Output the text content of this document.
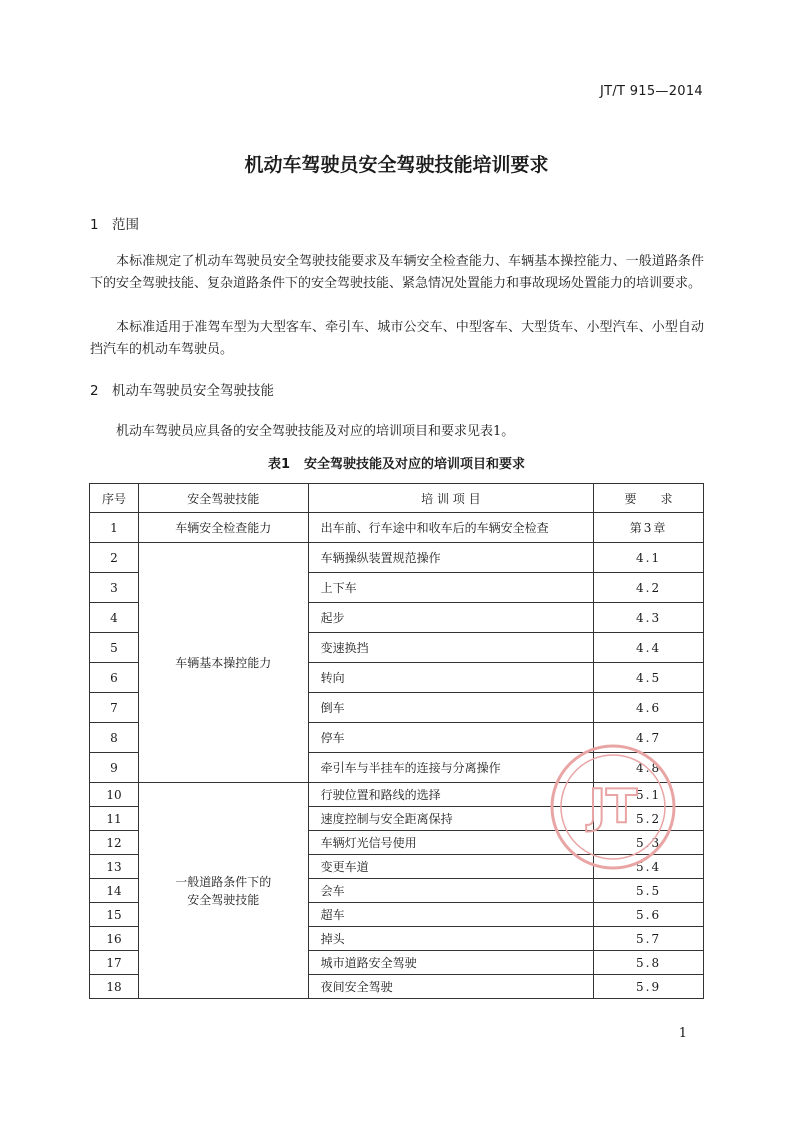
JT/T 915—2014
机动车驾驶员安全驾驶技能培训要求
1 范围

本标准规定了机动车驾驶员安全驾驶技能要求及车辆安全检查能力、车辆基本操控能力、一般道路条件下的安全驾驶技能、复杂道路条件下的安全驾驶技能、紧急情况处置能力和事故现场处置能力的培训要求。

本标准适用于准驾车型为大型客车、牵引车、城市公交车、中型客车、大型货车、小型汽车、小型自动挡汽车的机动车驾驶员。

2 机动车驾驶员安全驾驶技能

机动车驾驶员应具备的安全驾驶技能及对应的培训项目和要求见表1。

表1 安全驾驶技能及对应的培训项目和要求
序号	安全驾驶技能	培 训 项 目	要　　求
1	车辆安全检查能力	出车前、行车途中和收车后的车辆安全检查	第3章
2	车辆基本操控能力	车辆操纵装置规范操作	4.1
3		上下车	4.2
4		起步	4.3
5		变速换挡	4.4
6		转向	4.5
7		倒车	4.6
8		停车	4.7
9		牵引车与半挂车的连接与分离操作	4.8
10	一般道路条件下的
安全驾驶技能	行驶位置和路线的选择	5.1
11		速度控制与安全距离保持	5.2
12		车辆灯光信号使用	5.3
13		变更车道	5.4
14		会车	5.5
15		超车	5.6
16		掉头	5.7
17		城市道路安全驾驶	5.8
18		夜间安全驾驶	5.9
JT
1
